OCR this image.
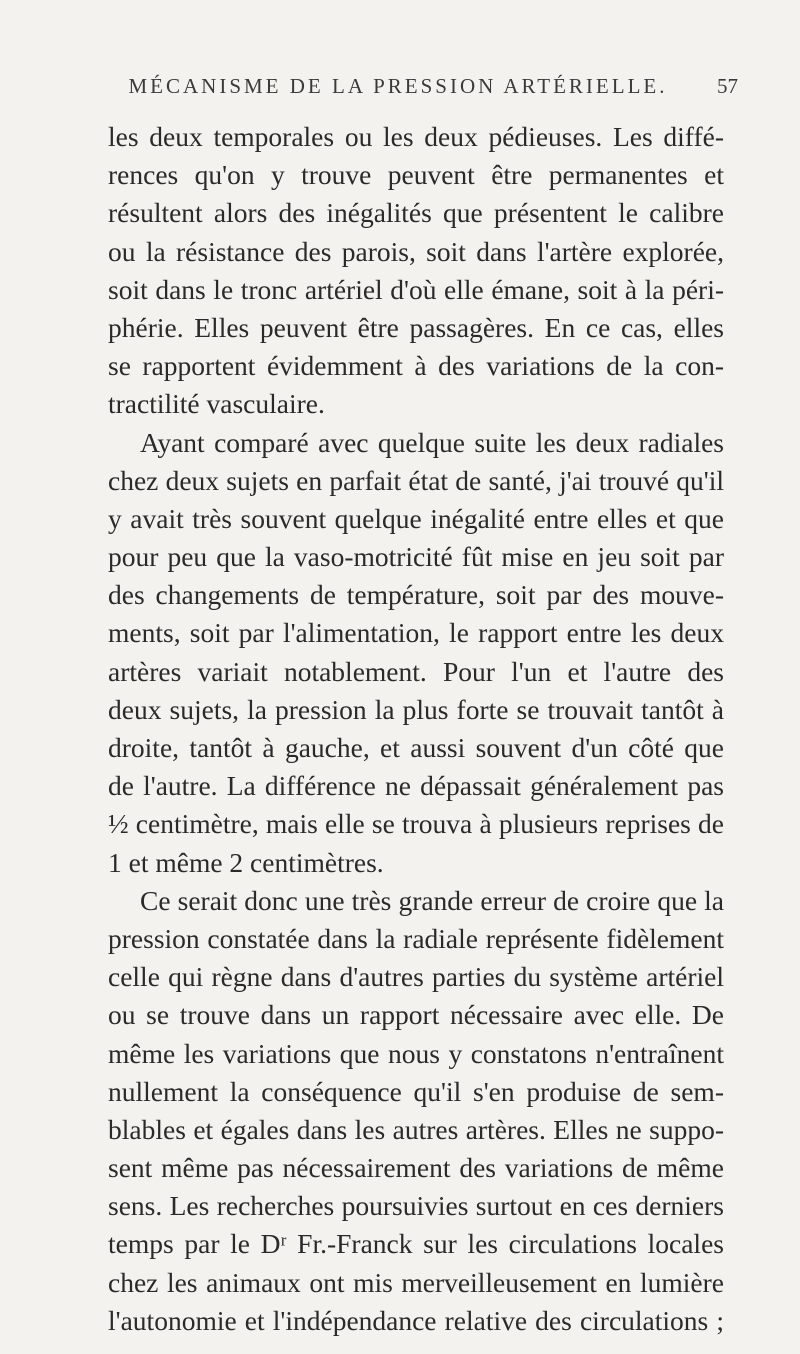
MÉCANISME DE LA PRESSION ARTÉRIELLE.	57
les deux temporales ou les deux pédieuses. Les diffé-
rences qu'on y trouve peuvent être permanentes et
résultent alors des inégalités que présentent le calibre
ou la résistance des parois, soit dans l'artère explorée,
soit dans le tronc artériel d'où elle émane, soit à la péri-
phérie. Elles peuvent être passagères. En ce cas, elles
se rapportent évidemment à des variations de la con-
tractilité vasculaire.
Ayant comparé avec quelque suite les deux radiales
chez deux sujets en parfait état de santé, j'ai trouvé qu'il
y avait très souvent quelque inégalité entre elles et que
pour peu que la vaso-motricité fût mise en jeu soit par
des changements de température, soit par des mouve-
ments, soit par l'alimentation, le rapport entre les deux
artères variait notablement. Pour l'un et l'autre des
deux sujets, la pression la plus forte se trouvait tantôt à
droite, tantôt à gauche, et aussi souvent d'un côté que
de l'autre. La différence ne dépassait généralement pas
½ centimètre, mais elle se trouva à plusieurs reprises de
1 et même 2 centimètres.
Ce serait donc une très grande erreur de croire que la
pression constatée dans la radiale représente fidèlement
celle qui règne dans d'autres parties du système artériel
ou se trouve dans un rapport nécessaire avec elle. De
même les variations que nous y constatons n'entraînent
nullement la conséquence qu'il s'en produise de sem-
blables et égales dans les autres artères. Elles ne suppo-
sent même pas nécessairement des variations de même
sens. Les recherches poursuivies surtout en ces derniers
temps par le Dʳ Fr.-Franck sur les circulations locales
chez les animaux ont mis merveilleusement en lumière
l'autonomie et l'indépendance relative des circulations ;
